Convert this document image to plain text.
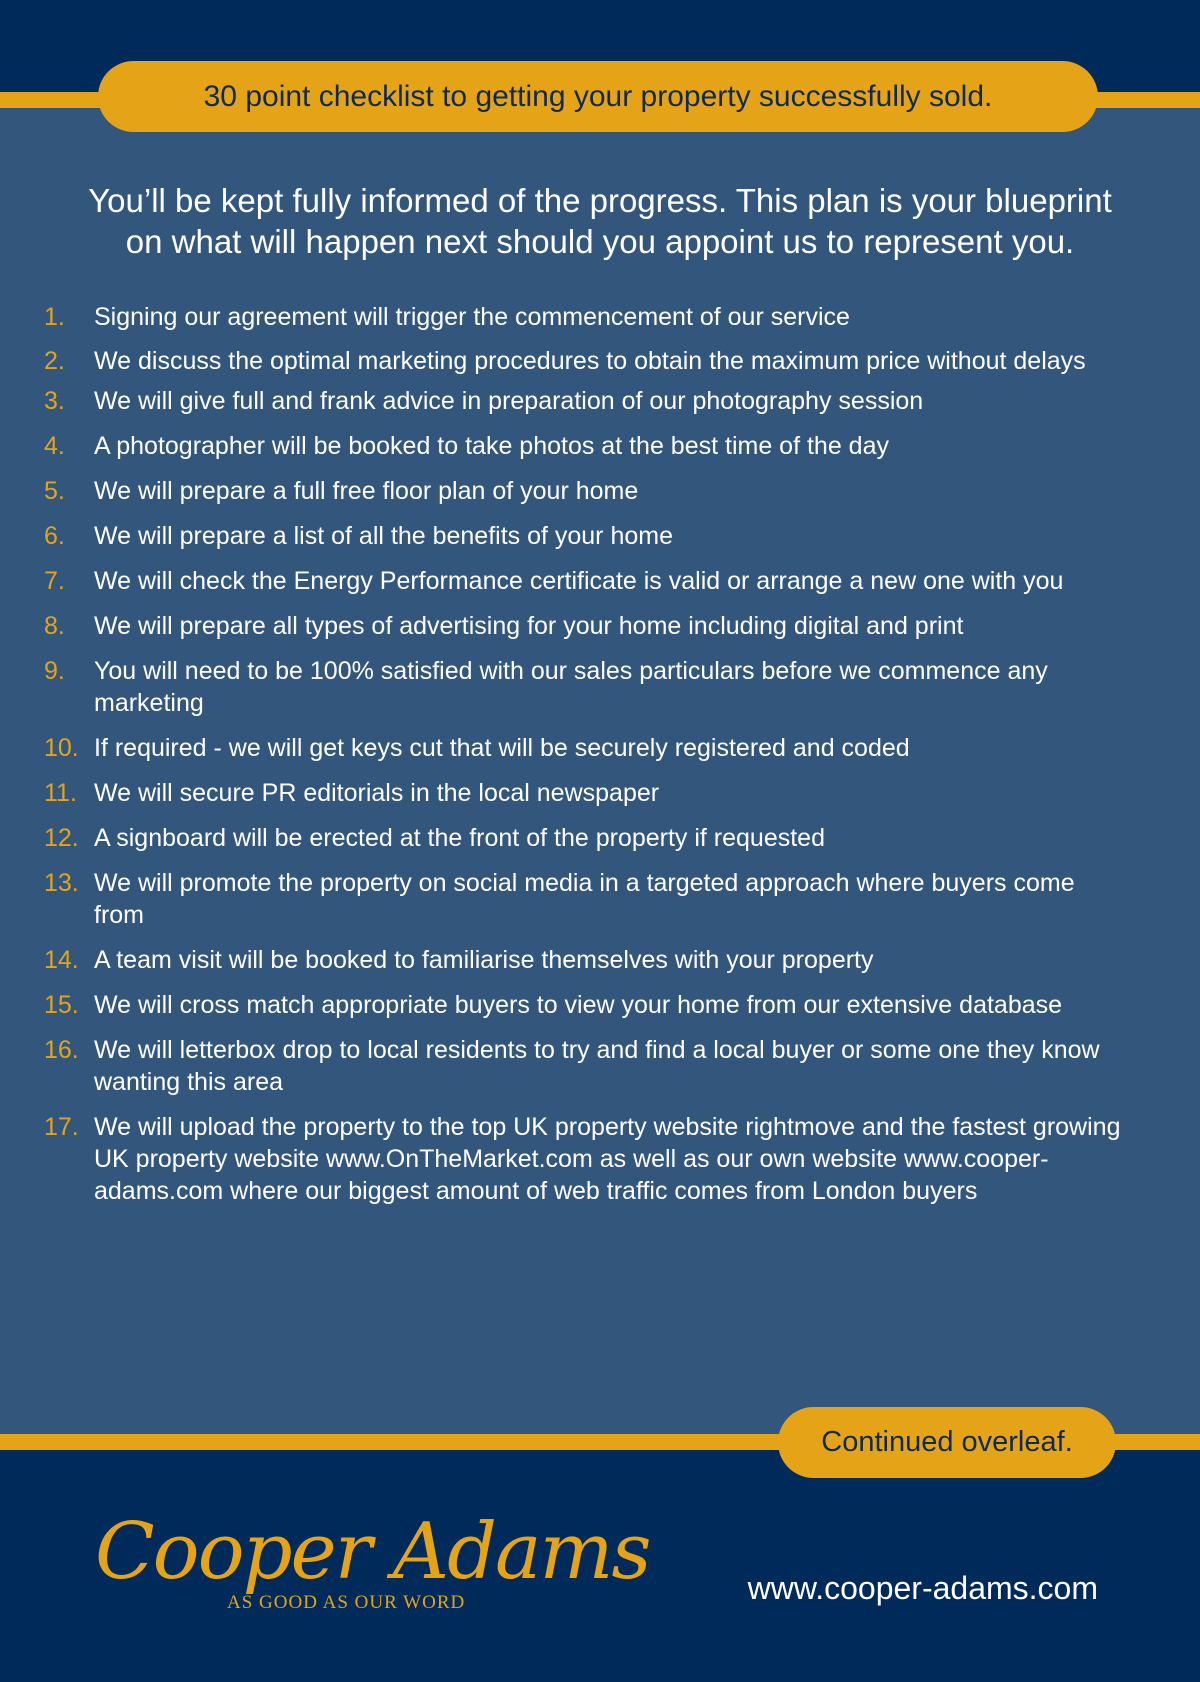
30 point checklist to getting your property successfully sold.
You’ll be kept fully informed of the progress. This plan is your blueprint
on what will happen next should you appoint us to represent you.
1. Signing our agreement will trigger the commencement of our service
2. We discuss the optimal marketing procedures to obtain the maximum price without delays
3. We will give full and frank advice in preparation of our photography session
4. A photographer will be booked to take photos at the best time of the day
5. We will prepare a full free floor plan of your home
6. We will prepare a list of all the benefits of your home
7. We will check the Energy Performance certificate is valid or arrange a new one with you
8. We will prepare all types of advertising for your home including digital and print
9. You will need to be 100% satisfied with our sales particulars before we commence any marketing
10. If required - we will get keys cut that will be securely registered and coded
11. We will secure PR editorials in the local newspaper
12. A signboard will be erected at the front of the property if requested
13. We will promote the property on social media in a targeted approach where buyers come from
14. A team visit will be booked to familiarise themselves with your property
15. We will cross match appropriate buyers to view your home from our extensive database
16. We will letterbox drop to local residents to try and find a local buyer or some one they know wanting this area
17. We will upload the property to the top UK property website rightmove and the fastest growing UK property website www.OnTheMarket.com as well as our own website www.cooper-adams.com where our biggest amount of web traffic comes from London buyers
Continued overleaf.
Cooper Adams
AS GOOD AS OUR WORD	www.cooper-adams.com
